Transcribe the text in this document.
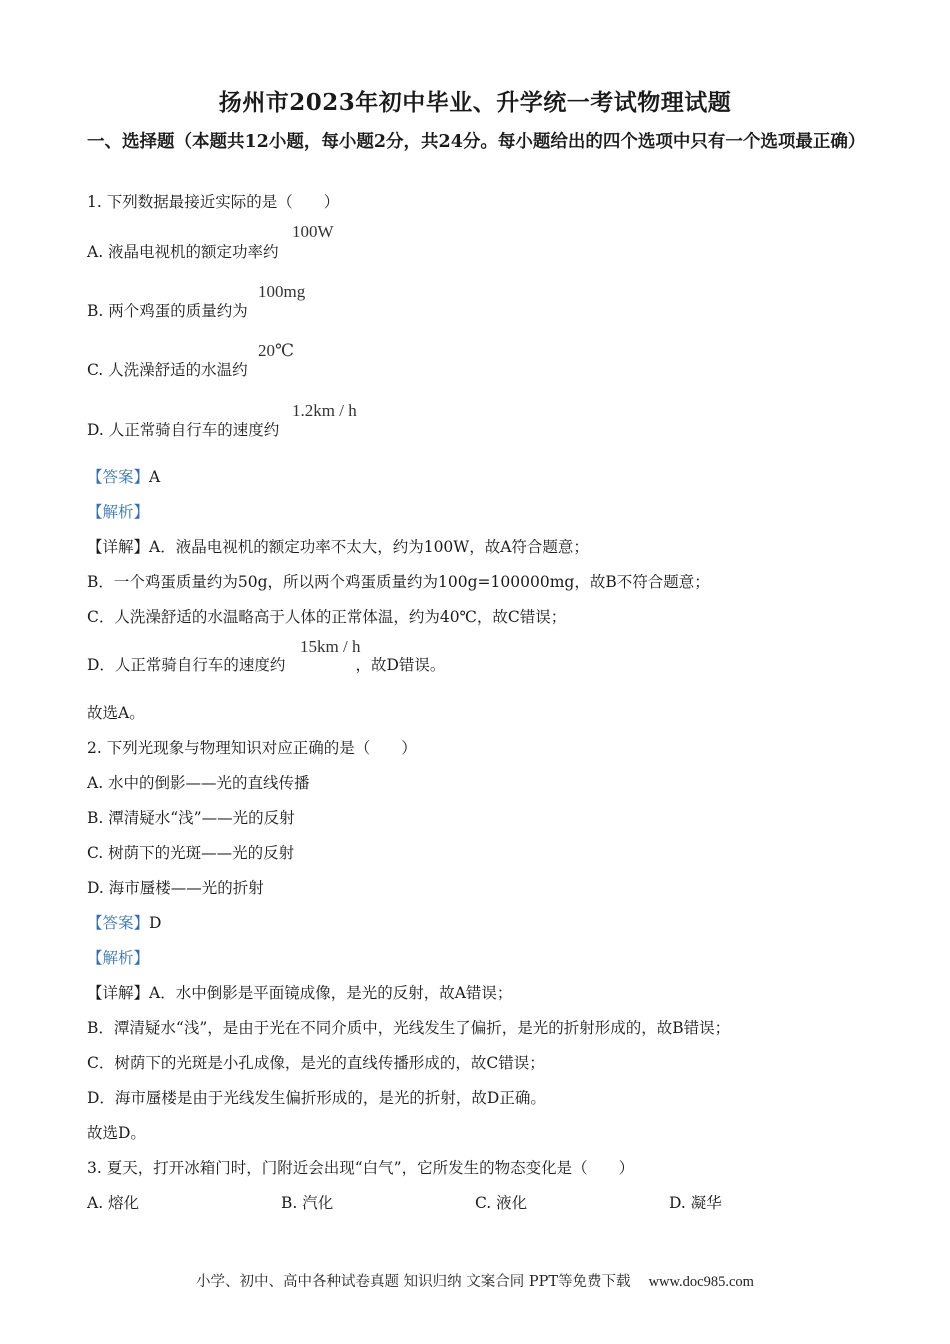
扬州市2023年初中毕业、升学统一考试物理试题
一、选择题（本题共12小题，每小题2分，共24分。每小题给出的四个选项中只有一个选项最正确）
1. 下列数据最接近实际的是（　　）
A. 液晶电视机的额定功率约
100W
B. 两个鸡蛋的质量约为
100mg
C. 人洗澡舒适的水温约
20℃
D. 人正常骑自行车的速度约
1.2km / h
【答案】A
【解析】
【详解】A．液晶电视机的额定功率不太大，约为100W，故A符合题意；
B．一个鸡蛋质量约为50g，所以两个鸡蛋质量约为100g=100000mg，故B不符合题意；
C．人洗澡舒适的水温略高于人体的正常体温，约为40℃，故C错误；
D．人正常骑自行车的速度约	，故D错误。
15km / h
故选A。
2. 下列光现象与物理知识对应正确的是（　　）
A. 水中的倒影——光的直线传播
B. 潭清疑水“浅”——光的反射
C. 树荫下的光斑——光的反射
D. 海市蜃楼——光的折射
【答案】D
【解析】
【详解】A．水中倒影是平面镜成像，是光的反射，故A错误；
B．潭清疑水“浅”，是由于光在不同介质中，光线发生了偏折，是光的折射形成的，故B错误；
C．树荫下的光斑是小孔成像，是光的直线传播形成的，故C错误；
D．海市蜃楼是由于光线发生偏折形成的，是光的折射，故D正确。
故选D。
3. 夏天，打开冰箱门时，门附近会出现“白气”，它所发生的物态变化是（　　）
A. 熔化	B. 汽化	C. 液化	D. 凝华
小学、初中、高中各种试卷真题 知识归纳 文案合同 PPT等免费下载 www.doc985.com
